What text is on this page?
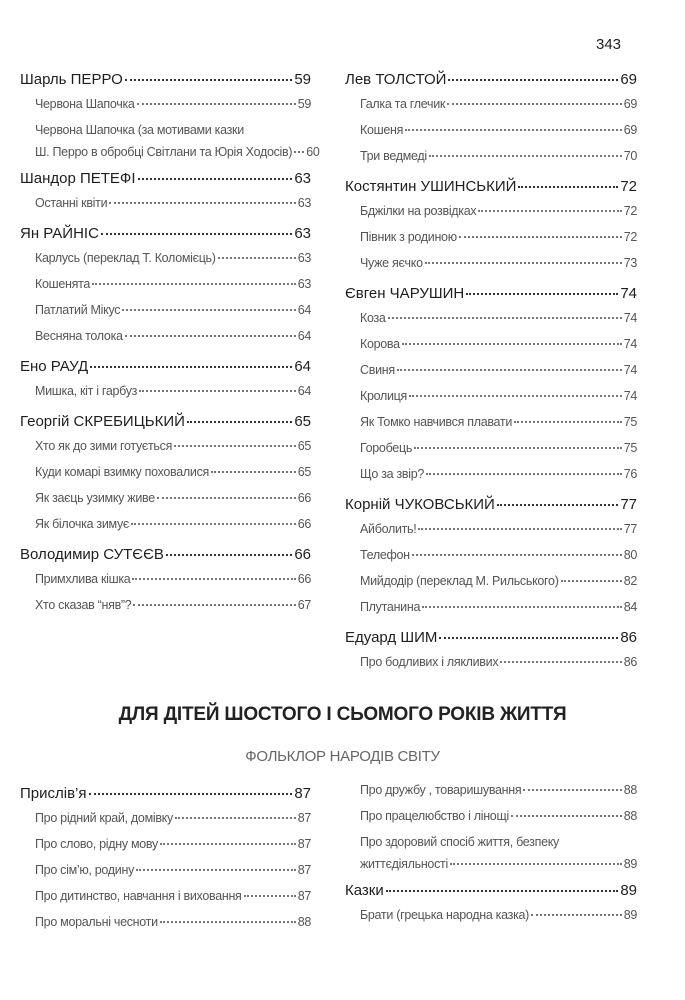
343
Шарль ПЕРРО	59
Червона Шапочка	59
Червона Шапочка (за мотивами казки
Ш. Перро в обробці Світлани та Юрія Ходосів) 60
Шандор ПЕТЕФІ	63
Останні квіти	63
Ян РАЙНІС	63
Карлусь (переклад Т. Коломієць)	63
Кошенята	63
Патлатий Мікус	64
Весняна толока	64
Ено РАУД	64
Мишка, кіт і гарбуз	64
Георгій СКРЕБИЦЬКИЙ	65
Хто як до зими готується	65
Куди комарі взимку поховалися	65
Як заєць узимку живе	66
Як білочка зимує	66
Володимир СУТЄЄВ	66
Примхлива кішка	66
Хто сказав “няв”?	67
Лев ТОЛСТОЙ	69
Галка та глечик	69
Кошеня	69
Три ведмеді	70
Костянтин УШИНСЬКИЙ	72
Бджілки на розвідках	72
Півник з родиною	72
Чуже яєчко	73
Євген ЧАРУШИН	74
Коза	74
Корова	74
Свиня	74
Кролиця	74
Як Томко навчився плавати	75
Горобець	75
Що за звір?	76
Корній ЧУКОВСЬКИЙ	77
Айболить!	77
Телефон	80
Мийдодір (переклад М. Рильського)	82
Плутанина	84
Едуард ШИМ	86
Про бодливих і лякливих	86
ДЛЯ ДІТЕЙ ШОСТОГО І СЬОМОГО РОКІВ ЖИТТЯ
ФОЛЬКЛОР НАРОДІВ СВІТУ
Прислів’я	87
Про рідний край, домівку	87
Про слово, рідну мову	87
Про сім’ю, родину	87
Про дитинство, навчання і виховання	87
Про моральні чесноти	88
Про дружбу , товаришування	88
Про працелюбство і лінощі	88
Про здоровий спосіб життя, безпеку
життєдіяльності	89
Казки	89
Брати (грецька народна казка)	89
